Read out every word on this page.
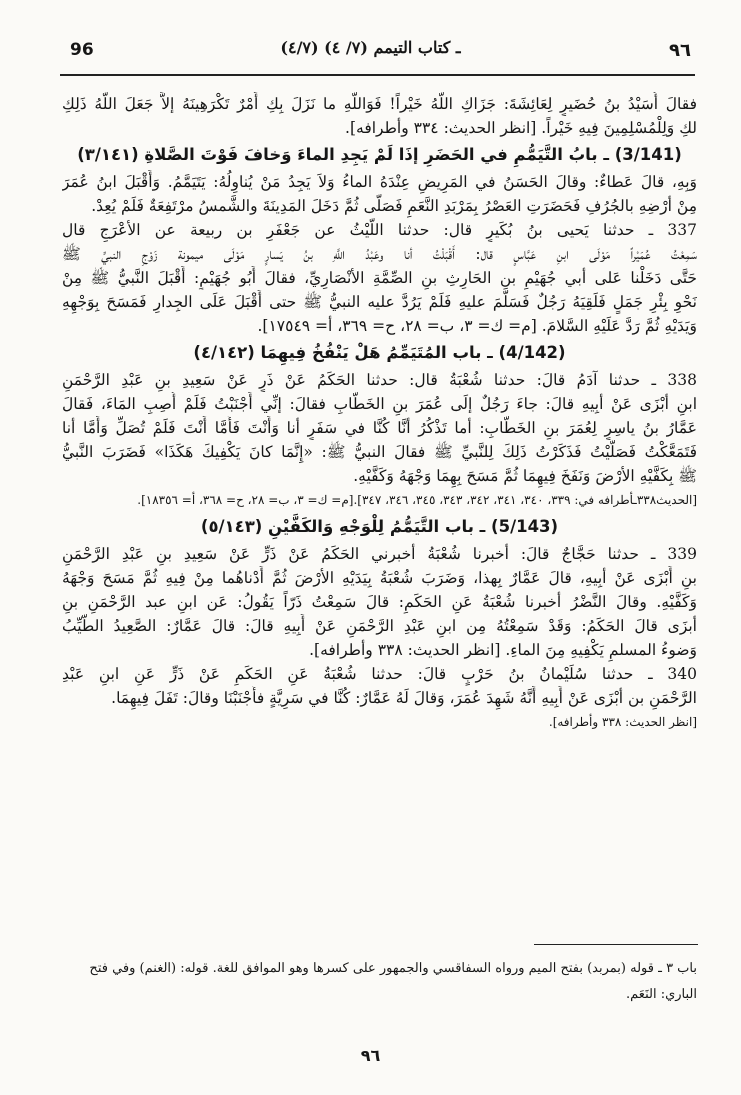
96	(٤/٧) ـ كتاب التيمم (٧/ ٤)	٩٦
فقالَ أُسَيْدُ بنُ حُضَيرٍ لِعَائِشَةَ: جَزَاكِ اللَّهُ خَيْراً! فَوَاللَّهِ ما نَزَلَ بِكِ أَمْرٌ تَكْرَهِينَهُ إلاَّ جَعَلَ اللَّهُ ذَلِكِ
لكِ وَلِلْمُسْلِمِينَ فِيهِ خَيْراً. [انظر الحديث: ٣٣٤ وأطرافه].
(3/141) ـ بابُ التَّيَمُّمِ في الحَضَرِ إذَا لَمْ يَجِدِ الماءَ وَخافَ فَوْتَ الصَّلاةِ (٣/١٤١)
وَبِهِ، قالَ عَطاءٌ: وقالَ الحَسَنُ في المَرِيضِ عِنْدَهُ الماءُ وَلاَ يَجِدُ مَنْ يُناوِلُهُ: يَتَيَمَّمُ. وَأَقْبَلَ ابنُ عُمَرَ
مِنْ أرْضِهِ بالجُرُفِ فَحَضَرَتِ العَصْرُ بِمَرْبَدِ النَّعَمِ فَصَلَّى ثُمَّ دَخَلَ المَدِينَةَ والشَّمسُ مرْتَفِعَةٌ فَلَمْ يُعِدْ.
337 ـ حدثنا يَحيى بنُ بُكَيرٍ قال: حدثنا اللَّيْثُ عن جَعْفَرِ بن ربيعة عن الأعْرَجِ قال
سَمِعْتُ عُمَيْراً مَوْلَى ابنِ عَبَّاسٍ قال: أَقْبَلْتُ أنا وعَبْدُ اللَّهِ بنُ يَسارٍ مَوْلَى ميمونة زَوْجِ النبيِّ ﷺ
حَتَّى دَخَلْنا عَلى أبي جُهَيْمِ بنِ الحَارِثِ بنِ الصِّمَّةِ الأنْصَارِيِّ، فقالَ أَبُو جُهَيْمٍ: أَقْبَلَ النَّبيُّ ﷺ مِنْ
نَحْوِ بِئْرِ جَمَلٍ فَلَقِيَهُ رَجُلٌ فَسَلَّمَ عليهِ فَلَمْ يَرُدَّ عليه النبيُّ ﷺ حتى أَقْبَلَ عَلَى الجِدارِ فَمَسَحَ بِوَجْهِهِ
وَيَدَيْهِ ثُمَّ رَدَّ عَلَيْهِ السَّلامَ. [م= ك= ٣، ب= ٢٨، ح= ٣٦٩، أ= ١٧٥٤٩].
(4/142) ـ باب المُتَيَمِّمُ هَلْ يَنْفُخُ فِيهِمَا (٤/١٤٢)
338 ـ حدثنا آدَمُ قالَ: حدثنا شُعْبَةُ قال: حدثنا الحَكَمُ عَنْ ذَرٍ عَنْ سَعِيدِ بنِ عَبْدِ الرَّحْمَنِ
ابنِ أبْزَى عَنْ أبِيهِ قالَ: جاءَ رَجُلٌ إلَى عُمَرَ بنِ الخَطَّابِ فقالَ: إنِّي أَجْنَبْتُ فَلَمْ أُصِبِ المَاءَ، فَقالَ
عَمَّارُ بنُ ياسِرٍ لِعُمَرَ بنِ الخَطَّابِ: أما تَذْكُرُ أنَّا كُنَّا في سَفَرٍ أنا وَأَنْتَ فَأَمَّا أَنْتَ فَلَمْ تُصَلِّ وَأَمَّا أنا
فَتَمَعَّكْتُ فَصَلَّيْتُ فَذَكَرْتُ ذَلِكَ لِلنَّبيِّ ﷺ فقالَ النبيُّ ﷺ: «إِنَّمَا كانَ يَكْفِيكَ هَكَذَا» فَضَرَبَ النَّبيُّ
ﷺ بِكَفَّيْهِ الأرْضَ وَنَفَخَ فِيهِمَا ثُمَّ مَسَحَ بِهِمَا وَجْهَهُ وَكَفَّيْهِ.
[الحديث٣٣٨ـأطرافه في: ٣٣٩، ٣٤٠، ٣٤١، ٣٤٢، ٣٤٣، ٣٤٥، ٣٤٦، ٣٤٧].[م= ك= ٣، ب= ٢٨، ح= ٣٦٨، أ= ١٨٣٥٦].
(5/143) ـ باب التَّيَمُّمُ لِلْوَجْهِ وَالكَفَّيْنِ (٥/١٤٣)
339 ـ حدثنا حَجَّاجٌ قالَ: أخبرنا شُعْبَةُ أخبرني الحَكَمُ عَنْ ذَرٍّ عَنْ سَعِيدِ بنِ عَبْدِ الرَّحْمَنِ
بنِ أَبْزَى عَنْ أبِيهِ، قالَ عَمَّارٌ بِهذا، وَضَرَبَ شُعْبَةُ بِيَدَيْهِ الأرْضَ ثُمَّ أَدْناهُما مِنْ فِيهِ ثُمَّ مَسَحَ وَجْهَهُ
وَكَفَّيْهِ. وقالَ النَّضْرُ أخبرنا شُعْبَةُ عَنِ الحَكَمِ: قالَ سَمِعْتُ ذَرّاً يَقُولُ: عَن ابنِ عبد الرَّحْمَنِ بنِ
أبزَى قالَ الحَكَمُ: وَقَدْ سَمِعْتُهُ مِن ابنِ عَبْدِ الرَّحْمَنِ عَنْ أَبِيهِ قالَ: قالَ عَمَّارٌ: الصَّعِيدُ الطَّيِّبُ
وَضوءُ المسلمِ يَكْفِيهِ مِنَ الماءِ. [انظر الحديث: ٣٣٨ وأطرافه].
340 ـ حدثنا سُلَيْمانُ بنُ حَرْبٍ قالَ: حدثنا شُعْبَةُ عَنِ الحَكَمِ عَنْ ذَرٍّ عَنِ ابنِ عَبْدِ
الرَّحْمَنِ بن أبْزَى عَنْ أَبِيهِ أَنَّهُ شَهِدَ عُمَرَ، وَقالَ لَهُ عَمَّارٌ: كُنَّا في سَرِيَّةٍ فأَجْنَبْنَا وقالَ: تَفَلَ فِيهِمَا.
[انظر الحديث: ٣٣٨ وأطرافه].
باب ٣ ـ قوله (بمربد) بفتح الميم ورواه السفاقسي والجمهور على كسرها وهو الموافق للغة. قوله: (الغنم) وفي فتح
الباري: النَعَم.
٩٦
